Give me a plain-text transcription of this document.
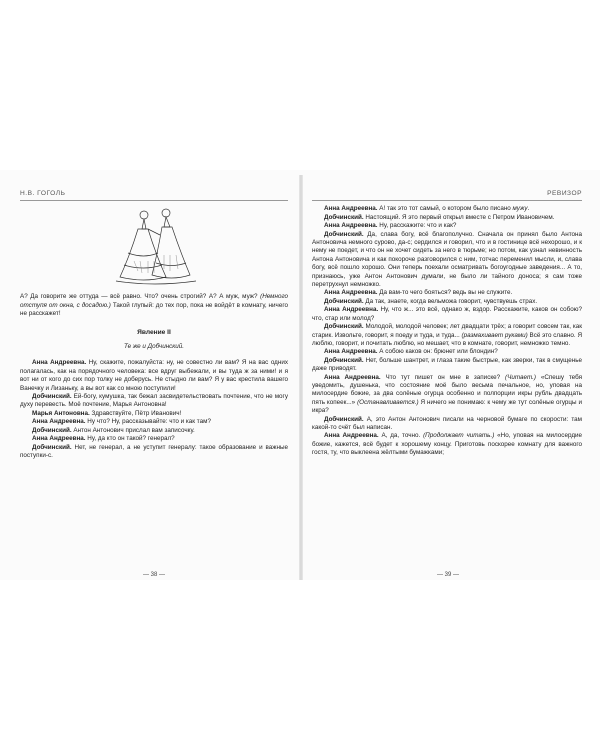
Н.В. ГОГОЛЬ

А? Да говорите же оттуда — всё равно. Что? очень строгий? А? А муж, муж? (Немного отступя от окна, с досадою.) Такой глупый: до тех пор, пока не войдёт в комнату, ничего не расскажет!

Явление II
Те же и Добчинский.

Анна Андреевна. Ну, скажите, пожалуйста: ну, не совестно ли вам? Я на вас одних полагалась, как на порядочного человека: все вдруг выбежали, и вы туда ж за ними! и я вот ни от кого до сих пор толку не доберусь. Не стыдно ли вам? Я у вас крестила вашего Ванечку и Лизаньку, а вы вот как со мною поступили!

Добчинский. Ей-богу, кумушка, так бежал засвидетельствовать почтение, что не могу духу перевесть. Моё почтение, Марья Антоновна!

Марья Антоновна. Здравствуйте, Пётр Иванович!

Анна Андреевна. Ну что? Ну, рассказывайте: что и как там?

Добчинский. Антон Антонович прислал вам записочку.

Анна Андреевна. Ну, да кто он такой? генерал?

Добчинский. Нет, не генерал, а не уступит генералу: такое образование и важные поступки-с.

— 38 —
РЕВИЗОР

Анна Андреевна. А! так это тот самый, о котором было писано мужу.

Добчинский. Настоящий. Я это первый открыл вместе с Петром Ивановичем.

Анна Андреевна. Ну, расскажите: что и как?

Добчинский. Да, слава богу, всё благополучно. Сначала он принял было Антона Антоновича немного сурово, да-с; сердился и говорил, что и в гостинице всё нехорошо, и к нему не поедет, и что он не хочет сидеть за него в тюрьме; но потом, как узнал невинность Антона Антоновича и как покороче разговорился с ним, тотчас переменил мысли, и, слава богу, всё пошло хорошо. Они теперь поехали осматривать богоугодные заведения... А то, признаюсь, уже Антон Антонович думали, не было ли тайного доноса; я сам тоже перетрухнул немножко.

Анна Андреевна. Да вам-то чего бояться? ведь вы не служите.

Добчинский. Да так, знаете, когда вельможа говорит, чувствуешь страх.

Анна Андреевна. Ну, что ж... это всё, однако ж, вздор. Расскажите, каков он собою? что, стар или молод?

Добчинский. Молодой, молодой человек; лет двадцати трёх; а говорит совсем так, как старик. Извольте, говорит, я поеду и туда, и туда... (размахивает руками) Всё это славно. Я люблю, говорит, и почитать люблю, но мешает, что в комнате, говорит, немножко темно.

Анна Андреевна. А собою каков он: брюнет или блондин?

Добчинский. Нет, больше шантрет, и глаза такие быстрые, как зверки, так в смущенье даже приводят.

Анна Андреевна. Что тут пишет он мне в записке? (Читает.) «Спешу тебя уведомить, душенька, что состояние моё было весьма печальное, но, уповая на милосердие божие, за два солёные огурца особенно и полпорции икры рубль двадцать пять копеек...» (Останавливается.) Я ничего не понимаю: к чему же тут солёные огурцы и икра?

Добчинский. А, это Антон Антонович писали на черновой бумаге по скорости: там какой-то счёт был написан.

Анна Андреевна. А, да, точно. (Продолжает читать.) «Но, уповая на милосердие божие, кажется, всё будет к хорошему концу. Приготовь поскорее комнату для важного гостя, ту, что выклеена жёлтыми бумажками;

— 39 —
